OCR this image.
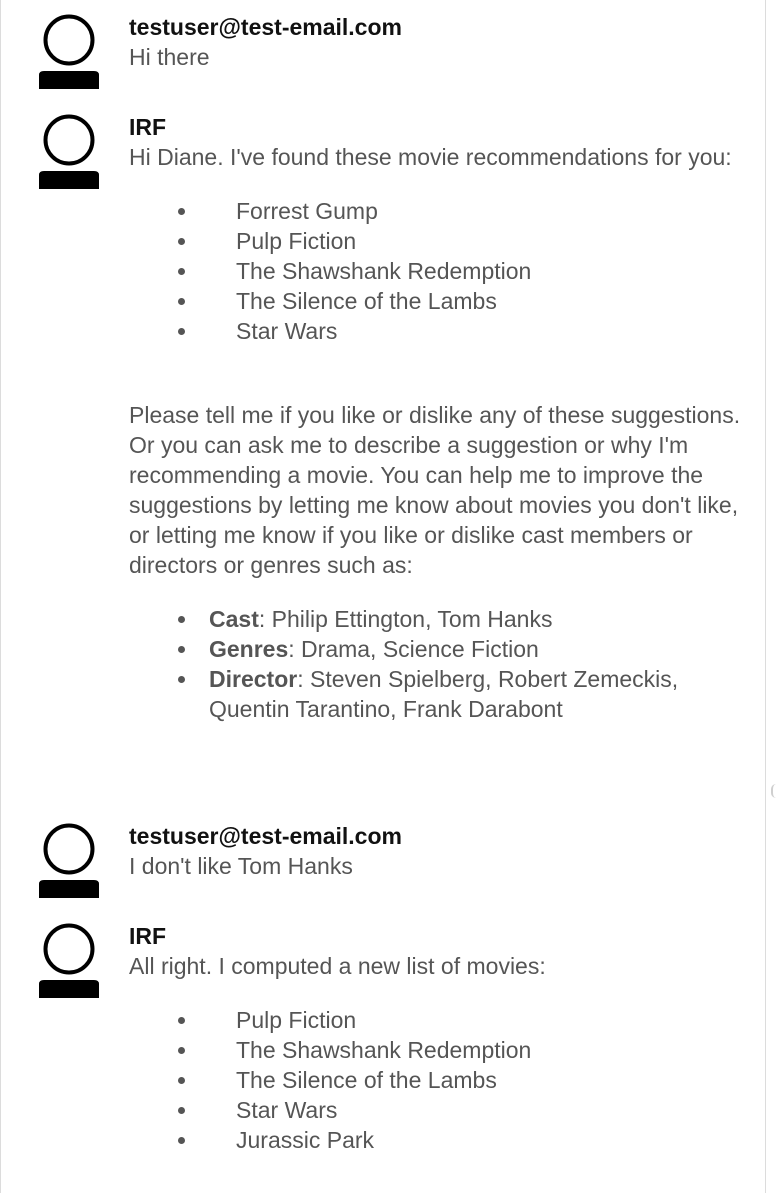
testuser@test-email.com

Hi there

IRF

Hi Diane. I've found these movie recommendations for you:

Forrest Gump
Pulp Fiction
The Shawshank Redemption
The Silence of the Lambs
Star Wars

Please tell me if you like or dislike any of these suggestions. Or you can ask me to describe a suggestion or why I'm recommending a movie. You can help me to improve the suggestions by letting me know about movies you don't like, or letting me know if you like or dislike cast members or directors or genres such as:

Cast: Philip Ettington, Tom Hanks
Genres: Drama, Science Fiction
Director: Steven Spielberg, Robert Zemeckis, Quentin Tarantino, Frank Darabont
testuser@test-email.com

I don't like Tom Hanks

IRF

All right. I computed a new list of movies:

Pulp Fiction
The Shawshank Redemption
The Silence of the Lambs
Star Wars
Jurassic Park
